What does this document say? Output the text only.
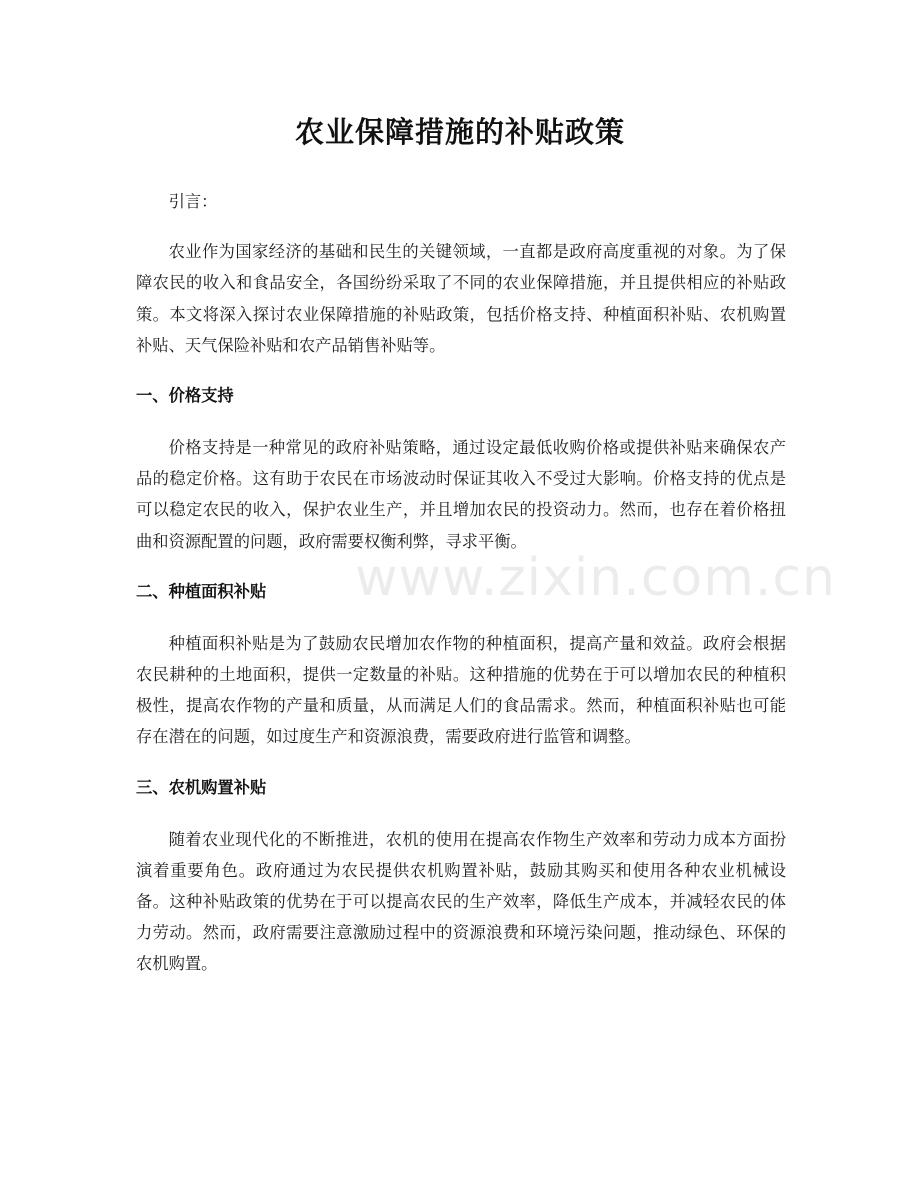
农业保障措施的补贴政策

引言：

农业作为国家经济的基础和民生的关键领域，一直都是政府高度重视的对象。为了保障农民的收入和食品安全，各国纷纷采取了不同的农业保障措施，并且提供相应的补贴政策。本文将深入探讨农业保障措施的补贴政策，包括价格支持、种植面积补贴、农机购置补贴、天气保险补贴和农产品销售补贴等。

一、价格支持

价格支持是一种常见的政府补贴策略，通过设定最低收购价格或提供补贴来确保农产品的稳定价格。这有助于农民在市场波动时保证其收入不受过大影响。价格支持的优点是可以稳定农民的收入，保护农业生产，并且增加农民的投资动力。然而，也存在着价格扭曲和资源配置的问题，政府需要权衡利弊，寻求平衡。

二、种植面积补贴

种植面积补贴是为了鼓励农民增加农作物的种植面积，提高产量和效益。政府会根据农民耕种的土地面积，提供一定数量的补贴。这种措施的优势在于可以增加农民的种植积极性，提高农作物的产量和质量，从而满足人们的食品需求。然而，种植面积补贴也可能存在潜在的问题，如过度生产和资源浪费，需要政府进行监管和调整。

三、农机购置补贴

随着农业现代化的不断推进，农机的使用在提高农作物生产效率和劳动力成本方面扮演着重要角色。政府通过为农民提供农机购置补贴，鼓励其购买和使用各种农业机械设备。这种补贴政策的优势在于可以提高农民的生产效率，降低生产成本，并减轻农民的体力劳动。然而，政府需要注意激励过程中的资源浪费和环境污染问题，推动绿色、环保的农机购置。

www.zixin.com.cn
